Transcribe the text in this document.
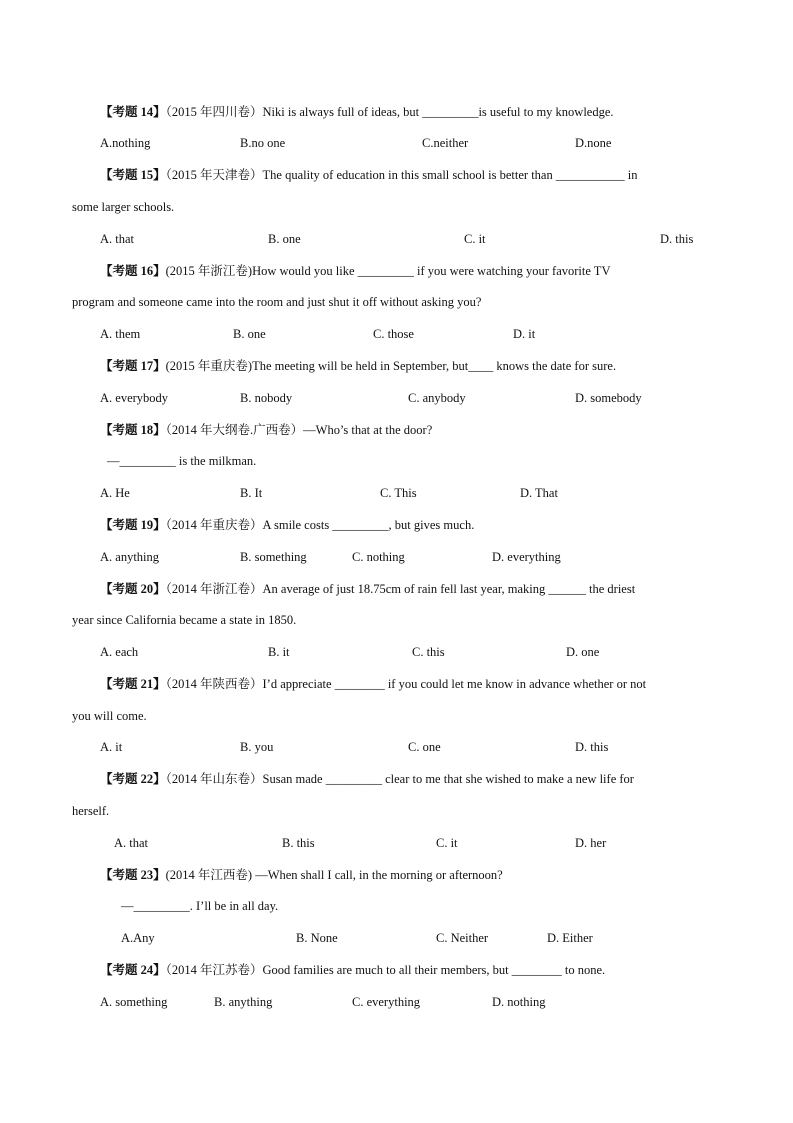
【考题 14】（2015 年四川卷）Niki is always full of ideas, but _________is useful to my knowledge.
A.nothing	B.no one	C.neither	D.none
【考题 15】（2015 年天津卷）The quality of education in this small school is better than ___________ in
some larger schools.
A. that	B. one	C. it	D. this
【考题 16】(2015 年浙江卷)How would you like _________ if you were watching your favorite TV
program and someone came into the room and just shut it off without asking you?
A. them	B. one	C. those	D. it
【考题 17】(2015 年重庆卷)The meeting will be held in September, but____ knows the date for sure.
A. everybody	B. nobody	C. anybody	D. somebody
【考题 18】（2014 年大纲卷.广西卷）—Who’s that at the door?
—_________ is the milkman.
A. He	B. It	C. This	D. That
【考题 19】（2014 年重庆卷）A smile costs _________, but gives much.
A. anything	B. something	C. nothing	D. everything
【考题 20】（2014 年浙江卷）An average of just 18.75cm of rain fell last year, making ______ the driest
year since California became a state in 1850.
A. each	B. it	C. this	D. one
【考题 21】（2014 年陕西卷）I’d appreciate ________ if you could let me know in advance whether or not
you will come.
A. it	B. you	C. one	D. this
【考题 22】（2014 年山东卷）Susan made _________ clear to me that she wished to make a new life for
herself.
A. that	B. this	C. it	D. her
【考题 23】(2014 年江西卷) —When shall I call, in the morning or afternoon?
—_________. I’ll be in all day.
A.Any	B. None	C. Neither	D. Either
【考题 24】（2014 年江苏卷）Good families are much to all their members, but ________ to none.
A. something	B. anything	C. everything	D. nothing
